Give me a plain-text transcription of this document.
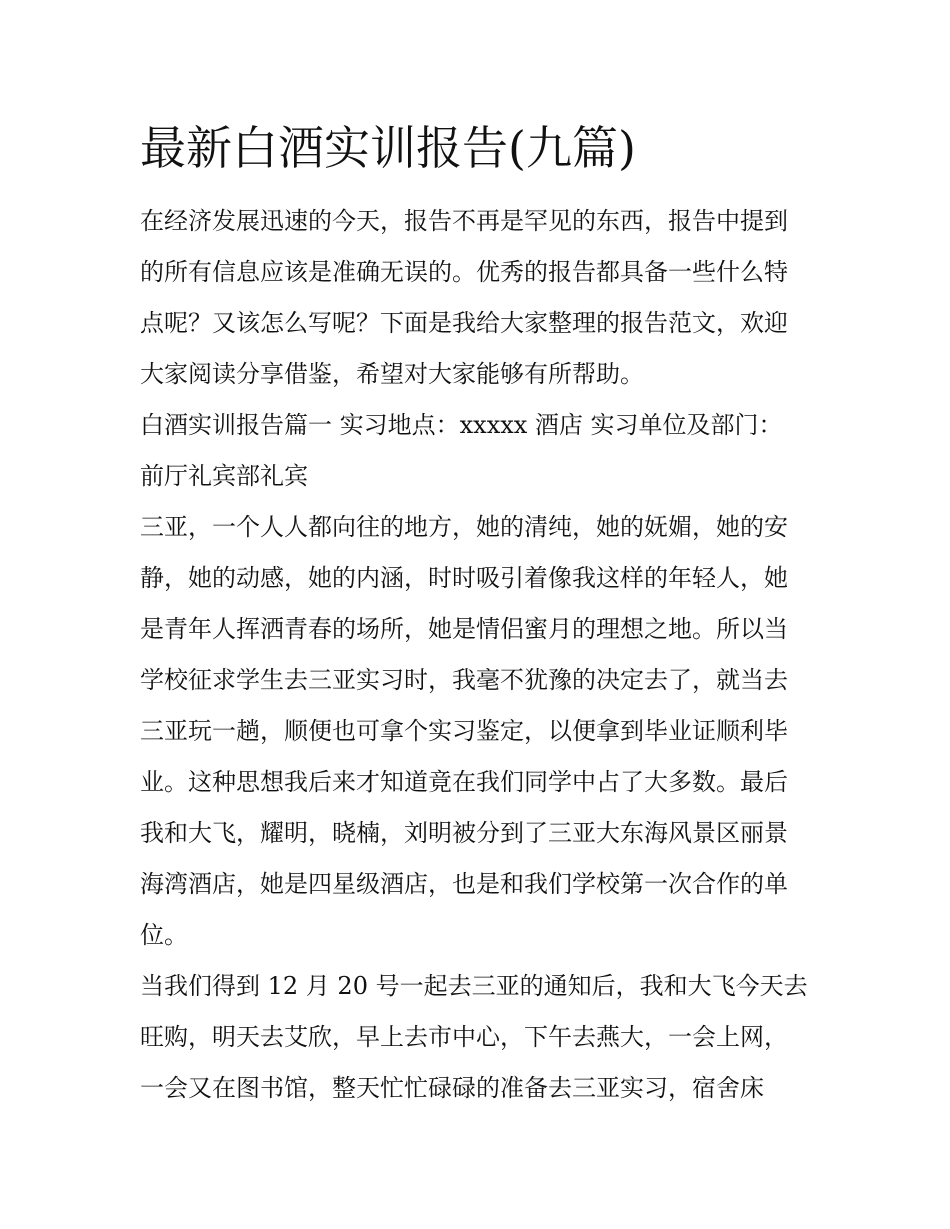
最新白酒实训报告(九篇)
在经济发展迅速的今天，报告不再是罕见的东西，报告中提到
的所有信息应该是准确无误的。优秀的报告都具备一些什么特
点呢？又该怎么写呢？下面是我给大家整理的报告范文，欢迎
大家阅读分享借鉴，希望对大家能够有所帮助。
白酒实训报告篇一 实习地点：xxxxx 酒店 实习单位及部门：
前厅礼宾部礼宾
三亚，一个人人都向往的地方，她的清纯，她的妩媚，她的安
静，她的动感，她的内涵，时时吸引着像我这样的年轻人，她
是青年人挥洒青春的场所，她是情侣蜜月的理想之地。所以当
学校征求学生去三亚实习时，我毫不犹豫的决定去了，就当去
三亚玩一趟，顺便也可拿个实习鉴定，以便拿到毕业证顺利毕
业。这种思想我后来才知道竟在我们同学中占了大多数。最后
我和大飞，耀明，晓楠，刘明被分到了三亚大东海风景区丽景
海湾酒店，她是四星级酒店，也是和我们学校第一次合作的单
位。
当我们得到 12 月 20 号一起去三亚的通知后，我和大飞今天去
旺购，明天去艾欣，早上去市中心，下午去燕大，一会上网，
一会又在图书馆，整天忙忙碌碌的准备去三亚实习，宿舍床
